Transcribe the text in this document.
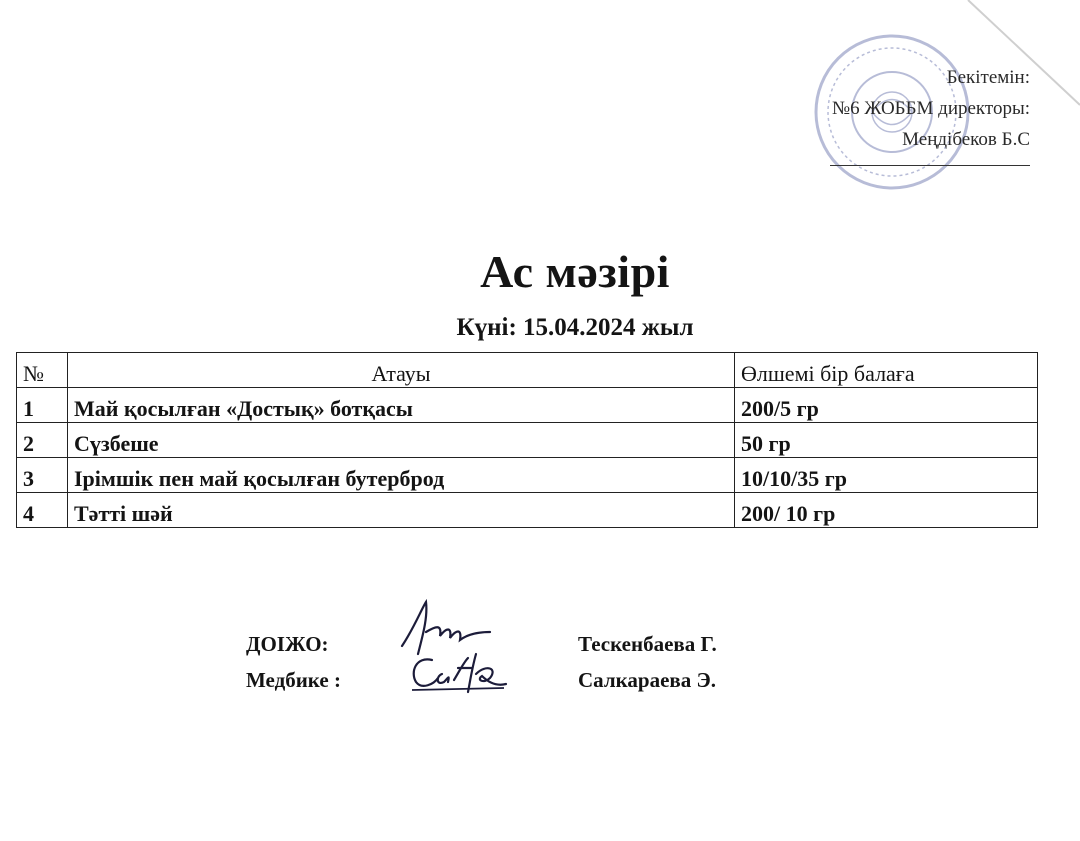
Бекітемін:
№6 ЖОББМ директоры:
Меңдібеков Б.С
Ас мәзірі
Күні: 15.04.2024 жыл
№	Атауы	Өлшемі бір балаға
1	Май қосылған «Достық» ботқасы	200/5 гр
2	Сүзбеше	50 гр
3	Ірімшік пен май қосылған бутерброд	10/10/35 гр
4	Тәтті шәй	200/ 10 гр
ДОІЖО:	Тескенбаева Г.
Медбике :	Салкараева Э.
